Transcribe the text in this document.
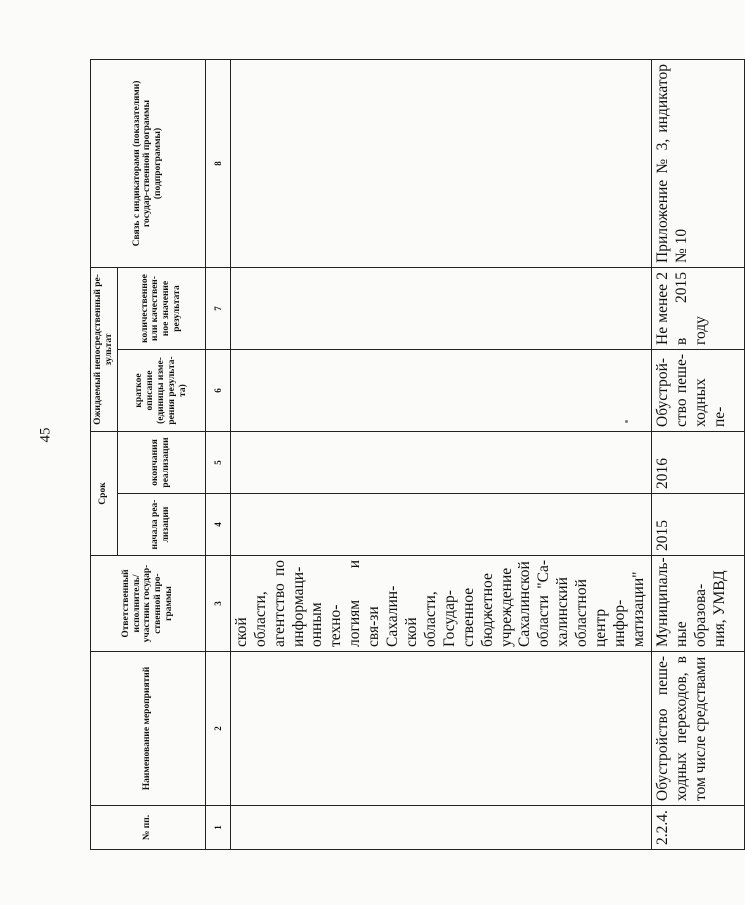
45
№ пп.	Наименование мероприятий	Ответственный исполнитель/ участник государ-ственной про-граммы	Срок		Ожидаемый непосредственный ре-зультат		Связь с индикаторами (показателями) государ-ственной программы (подпрограммы)
			начала реа-лизации	окончания реализации	краткое описание (единицы изме-рения результа-та)	количественное или качествен-ное значение результата	
1	2	3	4	5	6	7	8
		ской области, агентство по информаци-онным техно-логиям и свя-зи Сахалин-ской области, Государ-ственное бюджетное учреждение Сахалинской области "Са-халинский областной центр инфор-матизации"					
2.2.4.	Обустройство пеше-ходных переходов, в том числе средствами	Муниципаль-ные образова-ния, УМВД	2015	2016	Обустрой-ство пеше-ходных пе-	Не менее 2 в 2015 году	Приложение № 3, индикатор № 10
